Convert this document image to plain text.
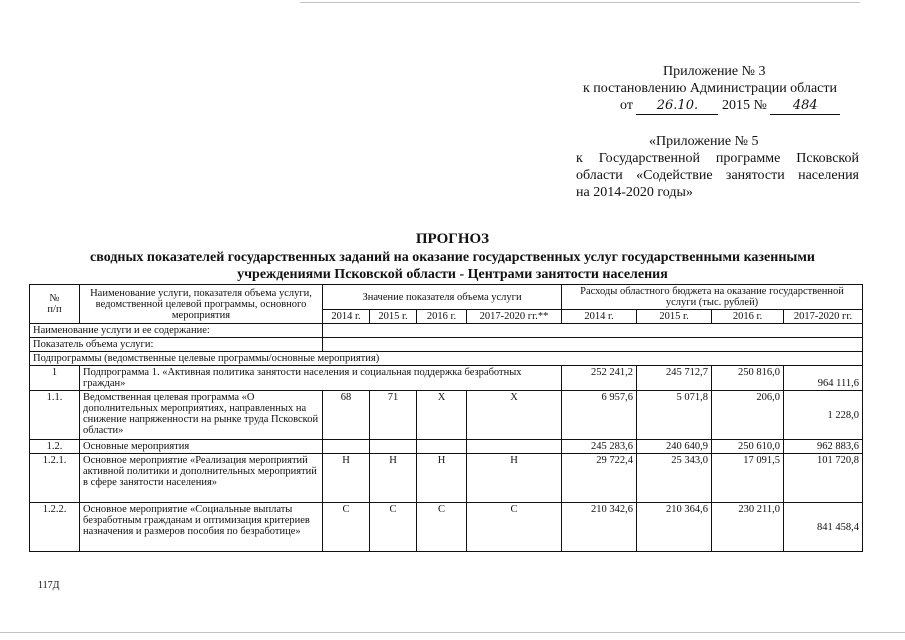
Приложение № 3
к постановлению Администрации области
от 26.10. 2015 № 484
«Приложение № 5
к Государственной программе Псковской
области «Содействие занятости населения
на 2014-2020 годы»
ПРОГНОЗ
сводных показателей государственных заданий на оказание государственных услуг государственными казенными
учреждениями Псковской области - Центрами занятости населения
№
п/п	Наименование услуги, показателя объема услуги, ведомственной целевой программы, основного мероприятия	Значение показателя объема услуги				Расходы областного бюджета на оказание государственной услуги (тыс. рублей)			
		2014 г.	2015 г.	2016 г.	2017-2020 гг.**	2014 г.	2015 г.	2016 г.	2017-2020 гг.
Наименование услуги и ее содержание:									
Показатель объема услуги:									
Подпрограммы (ведомственные целевые программы/основные мероприятия)									
1	Подпрограмма 1. «Активная политика занятости населения и социальная поддержка безработных граждан»					252 241,2	245 712,7	250 816,0	964 111,6
1.1.	Ведомственная целевая программа «О дополнительных мероприятиях, направленных на снижение напряженности на рынке труда Псковской области»	68	71	Х	Х	6 957,6	5 071,8	206,0	1 228,0
1.2.	Основные мероприятия					245 283,6	240 640,9	250 610,0	962 883,6
1.2.1.	Основное мероприятие «Реализация мероприятий активной политики и дополнительных мероприятий в сфере занятости населения»	Н	Н	Н	Н	29 722,4	25 343,0	17 091,5	101 720,8
1.2.2.	Основное мероприятие «Социальные выплаты безработным гражданам и оптимизация критериев назначения и размеров пособия по безработице»	С	С	С	С	210 342,6	210 364,6	230 211,0	841 458,4
117Д
